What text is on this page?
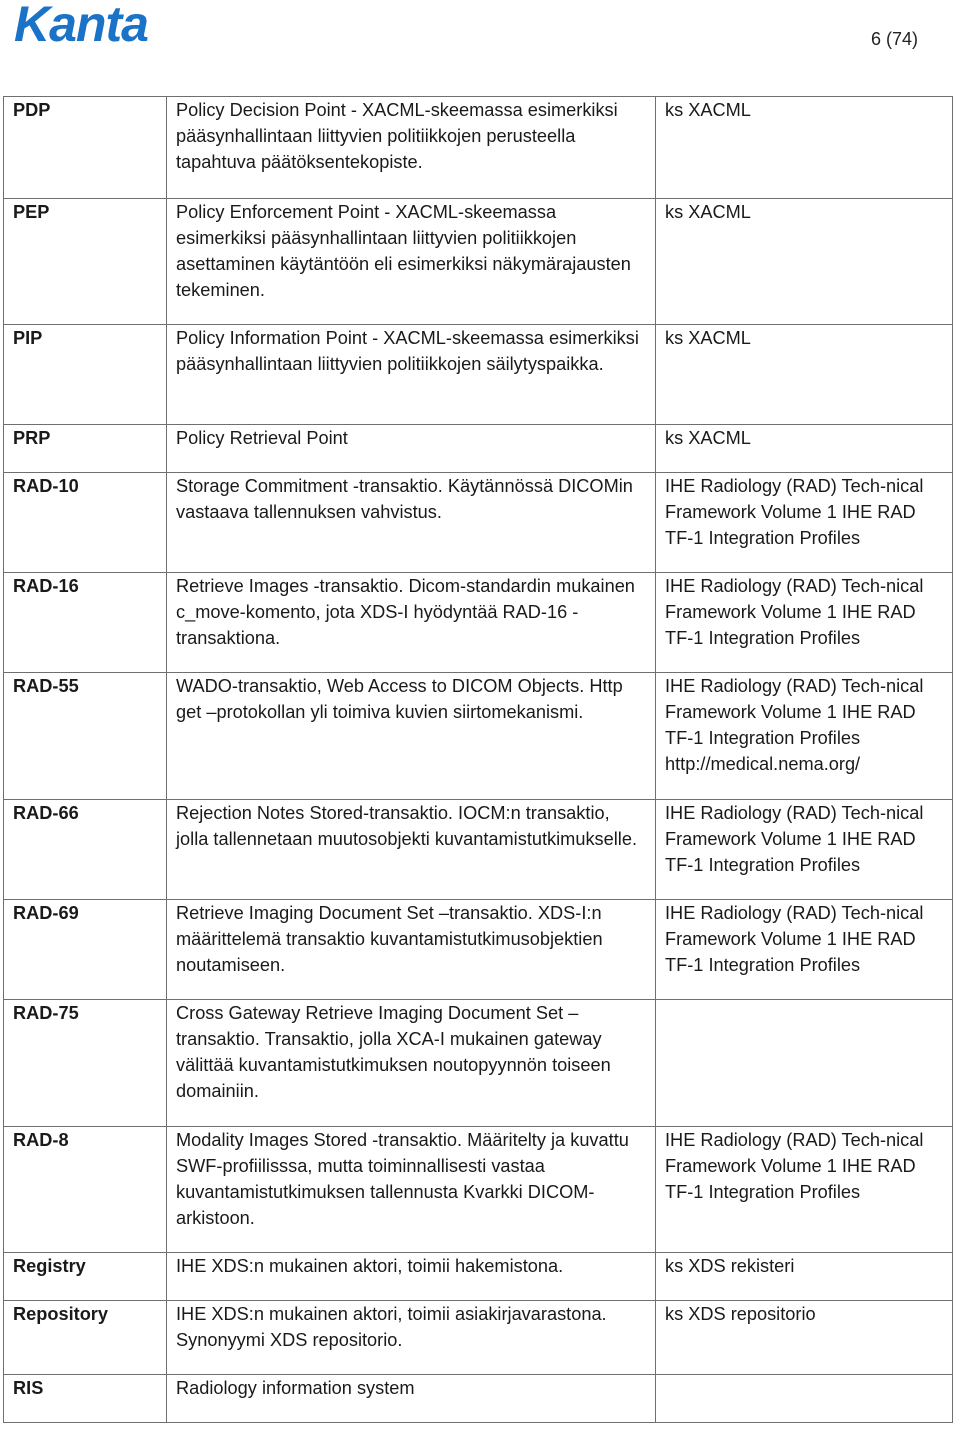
Kanta	6 (74)
PDP	Policy Decision Point - XACML-skeemassa esimerkiksi pääsynhallintaan liittyvien politiikkojen perusteella tapahtuva päätöksentekopiste.	ks XACML
PEP	Policy Enforcement Point - XACML-skeemassa esimerkiksi pääsynhallintaan liittyvien politiikkojen asettaminen käytäntöön eli esimerkiksi näkymärajausten tekeminen.	ks XACML
PIP	Policy Information Point - XACML-skeemassa esimerkiksi pääsynhallintaan liittyvien politiikkojen säilytyspaikka.	ks XACML
PRP	Policy Retrieval Point	ks XACML
RAD-10	Storage Commitment -transaktio. Käytännössä DICOMin vastaava tallennuksen vahvistus.	IHE Radiology (RAD) Tech-nical Framework Volume 1 IHE RAD TF-1 Integration Profiles
RAD-16	Retrieve Images -transaktio. Dicom-standardin mukainen c_move-komento, jota XDS-I hyödyntää RAD-16 -transaktiona.	IHE Radiology (RAD) Tech-nical Framework Volume 1 IHE RAD TF-1 Integration Profiles
RAD-55	WADO-transaktio, Web Access to DICOM Objects. Http get –protokollan yli toimiva kuvien siirtomekanismi.	IHE Radiology (RAD) Tech-nical Framework Volume 1 IHE RAD TF-1 Integration Profiles http://medical.nema.org/
RAD-66	Rejection Notes Stored-transaktio. IOCM:n transaktio, jolla tallennetaan muutosobjekti kuvantamistutkimukselle.	IHE Radiology (RAD) Tech-nical Framework Volume 1 IHE RAD TF-1 Integration Profiles
RAD-69	Retrieve Imaging Document Set –transaktio. XDS-I:n määrittelemä transaktio kuvantamistutkimusobjektien noutamiseen.	IHE Radiology (RAD) Tech-nical Framework Volume 1 IHE RAD TF-1 Integration Profiles
RAD-75	Cross Gateway Retrieve Imaging Document Set – transaktio. Transaktio, jolla XCA-I mukainen gateway välittää kuvantamistutkimuksen noutopyynnön toiseen domainiin.	
RAD-8	Modality Images Stored -transaktio. Määritelty ja kuvattu SWF-profiilisssa, mutta toiminnallisesti vastaa kuvantamistutkimuksen tallennusta Kvarkki DICOM-arkistoon.	IHE Radiology (RAD) Tech-nical Framework Volume 1 IHE RAD TF-1 Integration Profiles
Registry	IHE XDS:n mukainen aktori, toimii hakemistona.	ks XDS rekisteri
Repository	IHE XDS:n mukainen aktori, toimii asiakirjavarastona. Synonyymi XDS repositorio.	ks XDS repositorio
RIS	Radiology information system	
